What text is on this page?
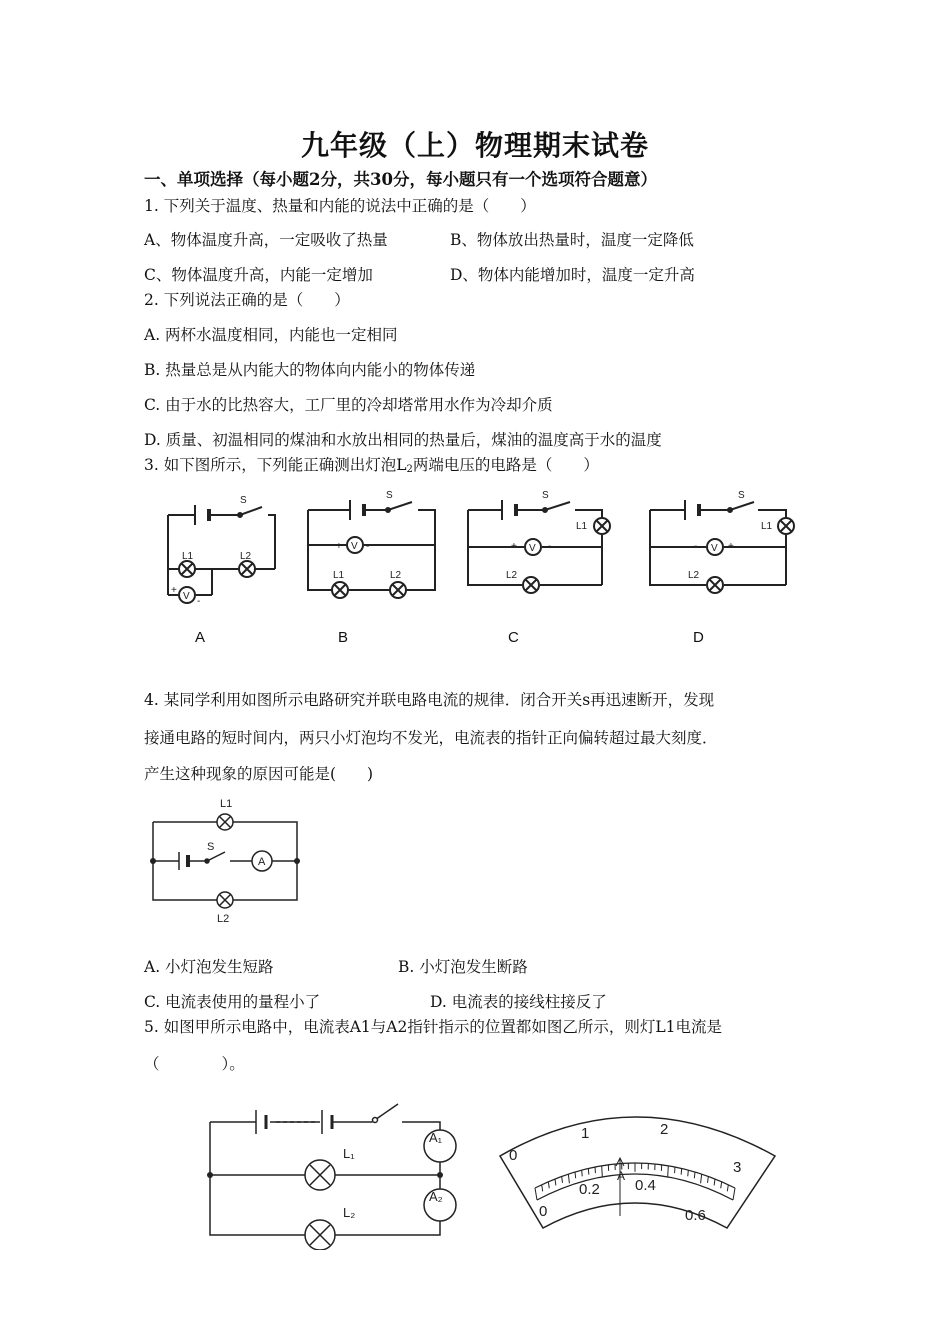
九年级（上）物理期末试卷
一、单项选择（每小题2分，共30分，每小题只有一个选项符合题意）
1. 下列关于温度、热量和内能的说法中正确的是（　　）
A、物体温度升高，一定吸收了热量	B、物体放出热量时，温度一定降低
C、物体温度升高，内能一定增加	D、物体内能增加时，温度一定升高
2. 下列说法正确的是（　　）
A. 两杯水温度相同，内能也一定相同
B. 热量总是从内能大的物体向内能小的物体传递
C. 由于水的比热容大，工厂里的冷却塔常用水作为冷却介质
D. 质量、初温相同的煤油和水放出相同的热量后，煤油的温度高于水的温度
3. 如下图所示，下列能正确测出灯泡$L_2$两端电压的电路是（　　）
S
L1	L2
V
+
-
S
V
+ -
L1	L2
S
L1
V
+	-
L2
S
L1
V
-	+
L2
A	B	C	D
4. 某同学利用如图所示电路研究并联电路电流的规律．闭合开关s再迅速断开，发现
接通电路的短时间内，两只小灯泡均不发光，电流表的指针正向偏转超过最大刻度．
产生这种现象的原因可能是(　　)
L1
S
A
L2
A. 小灯泡发生短路	B. 小灯泡发生断路
C. 电流表使用的量程小了	D. 电流表的接线柱接反了
5. 如图甲所示电路中，电流表A1与A2指针指示的位置都如图乙所示，则灯L1电流是
（　　　　）。
L₁
L₂
A₁
A₂
0
1	2
3
0
0.2 0.4
0.6
A
